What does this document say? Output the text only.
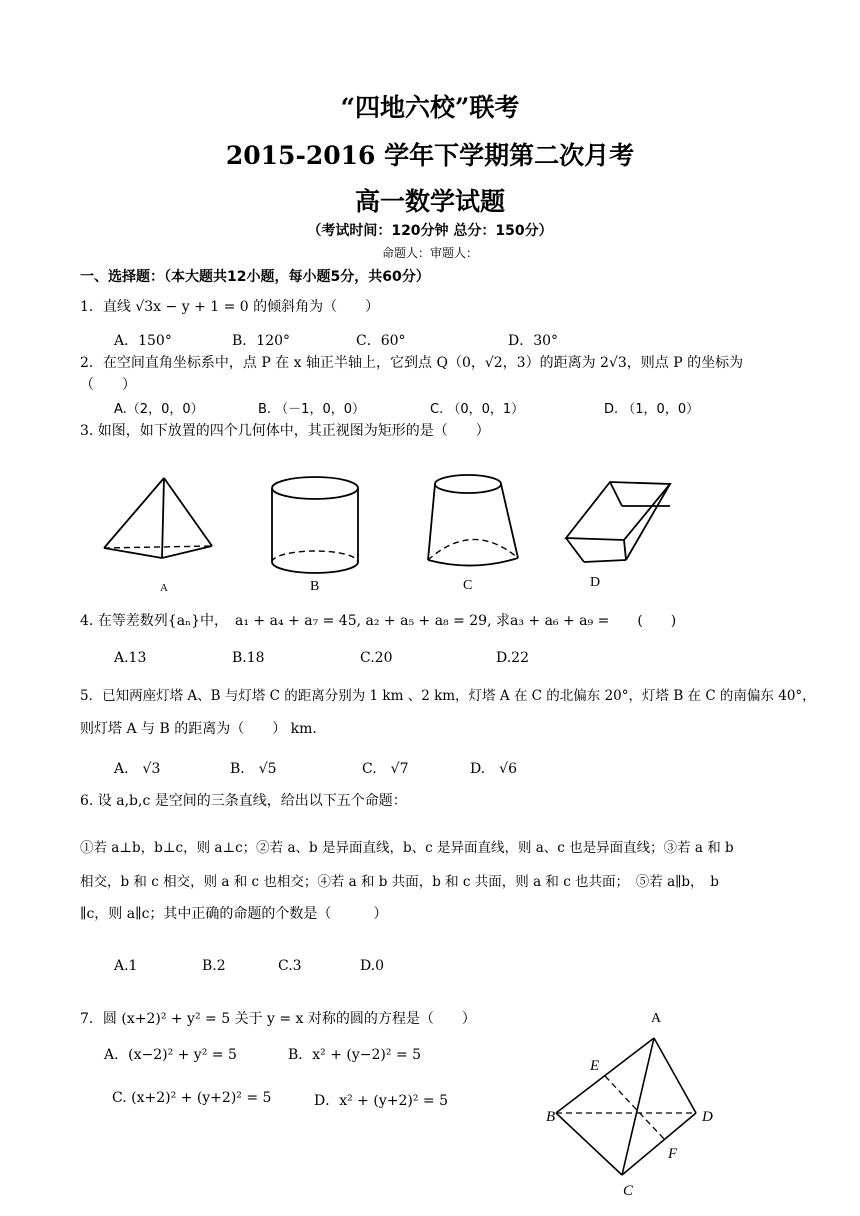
“四地六校”联考
2015-2016 学年下学期第二次月考
高一数学试题
（考试时间：120分钟 总分：150分）
命题人：审题人：
一、选择题：（本大题共12小题，每小题5分，共60分）
1．直线 √3x − y + 1 = 0 的倾斜角为（　　）
A．150°	B．120°	C．60°	D．30°
2．在空间直角坐标系中，点 P 在 x 轴正半轴上，它到点 Q（0，√2，3）的距离为 2√3，则点 P 的坐标为
（　　）
A.（2，0，0）	B. （－1，0，0）	C. （0，0，1）	D. （1，0，0）
3. 如图，如下放置的四个几何体中，其正视图为矩形的是（　　）
A	B	C	D
4. 在等差数列{aₙ}中，　a₁ + a₄ + a₇ = 45, a₂ + a₅ + a₈ = 29, 求a₃ + a₆ + a₉ =　　(　　)
A.13	B.18	C.20	D.22
5．已知两座灯塔 A、B 与灯塔 C 的距离分别为 1 km 、2 km，灯塔 A 在 C 的北偏东 20°，灯塔 B 在 C 的南偏东 40°，
则灯塔 A 与 B 的距离为（　　） km.
A.　√3	B.　√5	C.　√7	D.　√6
6. 设 a,b,c 是空间的三条直线，给出以下五个命题：
①若 a⊥b，b⊥c，则 a⊥c；②若 a、b 是异面直线，b、c 是异面直线，则 a、c 也是异面直线；③若 a 和 b
相交，b 和 c 相交，则 a 和 c 也相交；④若 a 和 b 共面，b 和 c 共面，则 a 和 c 也共面；　⑤若 a∥b，　b
∥c，则 a∥c；其中正确的命题的个数是（　　　）
A.1	B.2	C.3	D.0
7．圆 (x+2)² + y² = 5 关于 y = x 对称的圆的方程是（　　）
A．(x−2)² + y² = 5	B．x² + (y−2)² = 5
C. (x+2)² + (y+2)² = 5	D．x² + (y+2)² = 5
A
E
B	D
F
C
